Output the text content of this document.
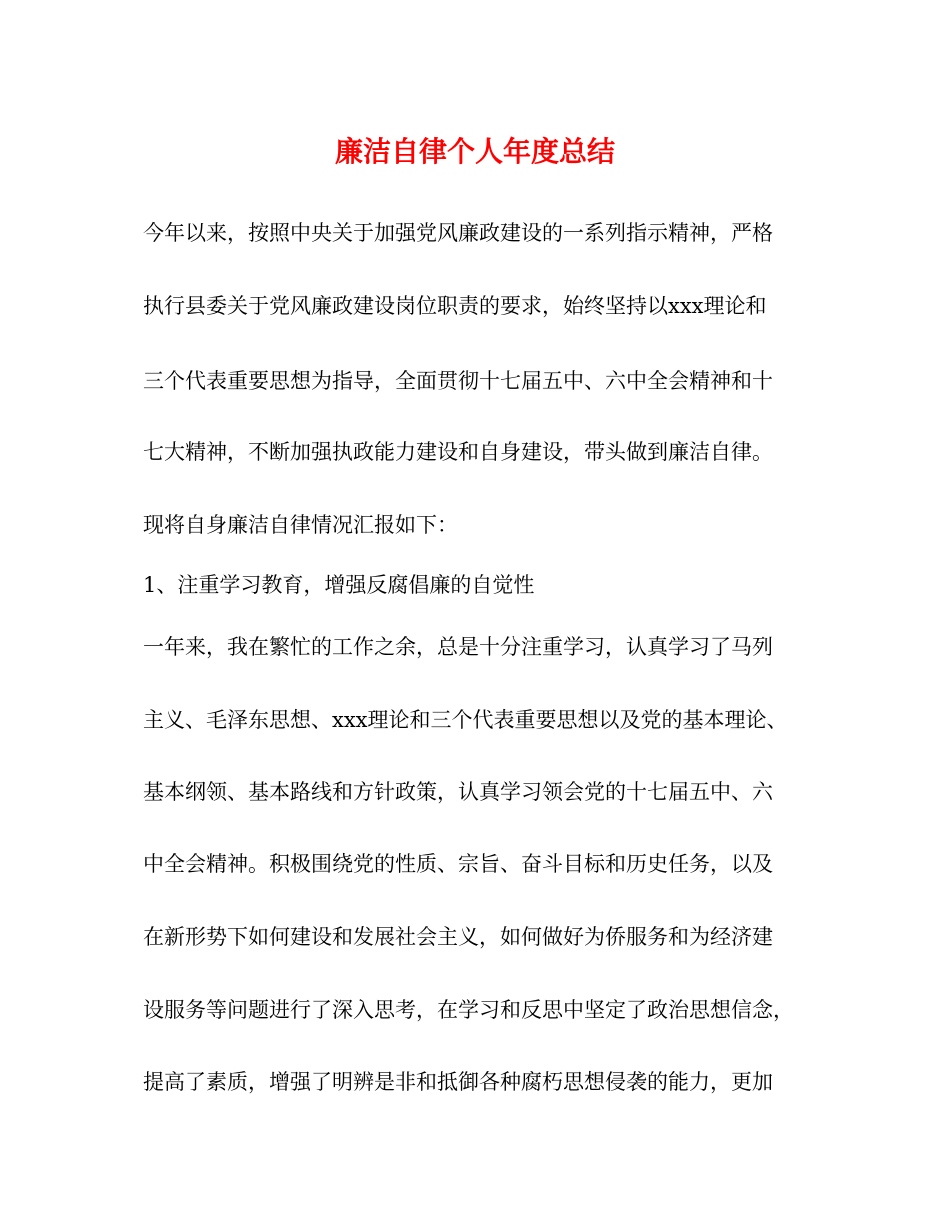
廉洁自律个人年度总结
今年以来，按照中央关于加强党风廉政建设的一系列指示精神，严格
执行县委关于党风廉政建设岗位职责的要求，始终坚持以xxx理论和
三个代表重要思想为指导，全面贯彻十七届五中、六中全会精神和十
七大精神，不断加强执政能力建设和自身建设，带头做到廉洁自律。
现将自身廉洁自律情况汇报如下：
1、注重学习教育，增强反腐倡廉的自觉性
一年来，我在繁忙的工作之余，总是十分注重学习，认真学习了马列
主义、毛泽东思想、xxx理论和三个代表重要思想以及党的基本理论、
基本纲领、基本路线和方针政策，认真学习领会党的十七届五中、六
中全会精神。积极围绕党的性质、宗旨、奋斗目标和历史任务，以及
在新形势下如何建设和发展社会主义，如何做好为侨服务和为经济建
设服务等问题进行了深入思考，在学习和反思中坚定了政治思想信念，
提高了素质，增强了明辨是非和抵御各种腐朽思想侵袭的能力，更加
